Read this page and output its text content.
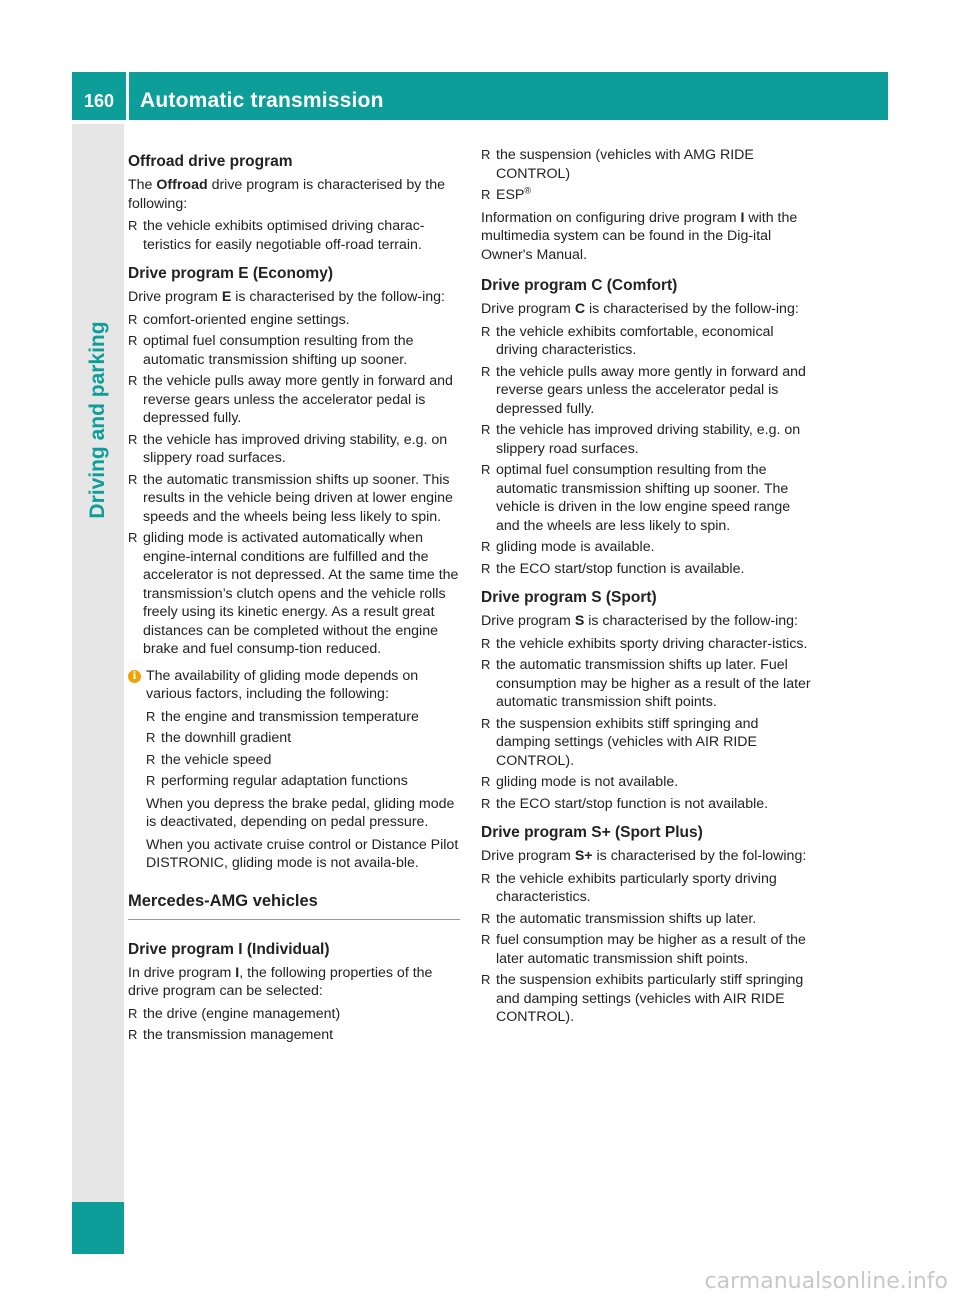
160	Automatic transmission
Driving and parking
Offroad drive program

The Offroad drive program is characterised by the following:

R the vehicle exhibits optimised driving charac-teristics for easily negotiable off-road terrain.
Drive program E (Economy)

Drive program E is characterised by the follow-ing:

R comfort-oriented engine settings.
R optimal fuel consumption resulting from the automatic transmission shifting up sooner.
R the vehicle pulls away more gently in forward and reverse gears unless the accelerator pedal is depressed fully.
R the vehicle has improved driving stability, e.g. on slippery road surfaces.
R the automatic transmission shifts up sooner. This results in the vehicle being driven at lower engine speeds and the wheels being less likely to spin.
R gliding mode is activated automatically when engine-internal conditions are fulfilled and the accelerator is not depressed. At the same time the transmission’s clutch opens and the vehicle rolls freely using its kinetic energy. As a result great distances can be completed without the engine brake and fuel consump-tion reduced.
i The availability of gliding mode depends on various factors, including the following:

R the engine and transmission temperature
R the downhill gradient
R the vehicle speed
R performing regular adaptation functions

When you depress the brake pedal, gliding mode is deactivated, depending on pedal pressure.

When you activate cruise control or Distance Pilot DISTRONIC, gliding mode is not availa-ble.

Mercedes-AMG vehicles
Drive program I (Individual)

In drive program I, the following properties of the drive program can be selected:

R the drive (engine management)
R the transmission management
R the suspension (vehicles with AMG RIDE CONTROL)
R ESP®

Information on configuring drive program I with the multimedia system can be found in the Dig-ital Owner's Manual.

Drive program C (Comfort)

Drive program C is characterised by the follow-ing:

R the vehicle exhibits comfortable, economical driving characteristics.
R the vehicle pulls away more gently in forward and reverse gears unless the accelerator pedal is depressed fully.
R the vehicle has improved driving stability, e.g. on slippery road surfaces.
R optimal fuel consumption resulting from the automatic transmission shifting up sooner. The vehicle is driven in the low engine speed range and the wheels are less likely to spin.
R gliding mode is available.
R the ECO start/stop function is available.
Drive program S (Sport)

Drive program S is characterised by the follow-ing:

R the vehicle exhibits sporty driving character-istics.
R the automatic transmission shifts up later. Fuel consumption may be higher as a result of the later automatic transmission shift points.
R the suspension exhibits stiff springing and damping settings (vehicles with AIR RIDE CONTROL).
R gliding mode is not available.
R the ECO start/stop function is not available.
Drive program S+ (Sport Plus)

Drive program S+ is characterised by the fol-lowing:

R the vehicle exhibits particularly sporty driving characteristics.
R the automatic transmission shifts up later.
R fuel consumption may be higher as a result of the later automatic transmission shift points.
R the suspension exhibits particularly stiff springing and damping settings (vehicles with AIR RIDE CONTROL).
carmanualsonline.info
